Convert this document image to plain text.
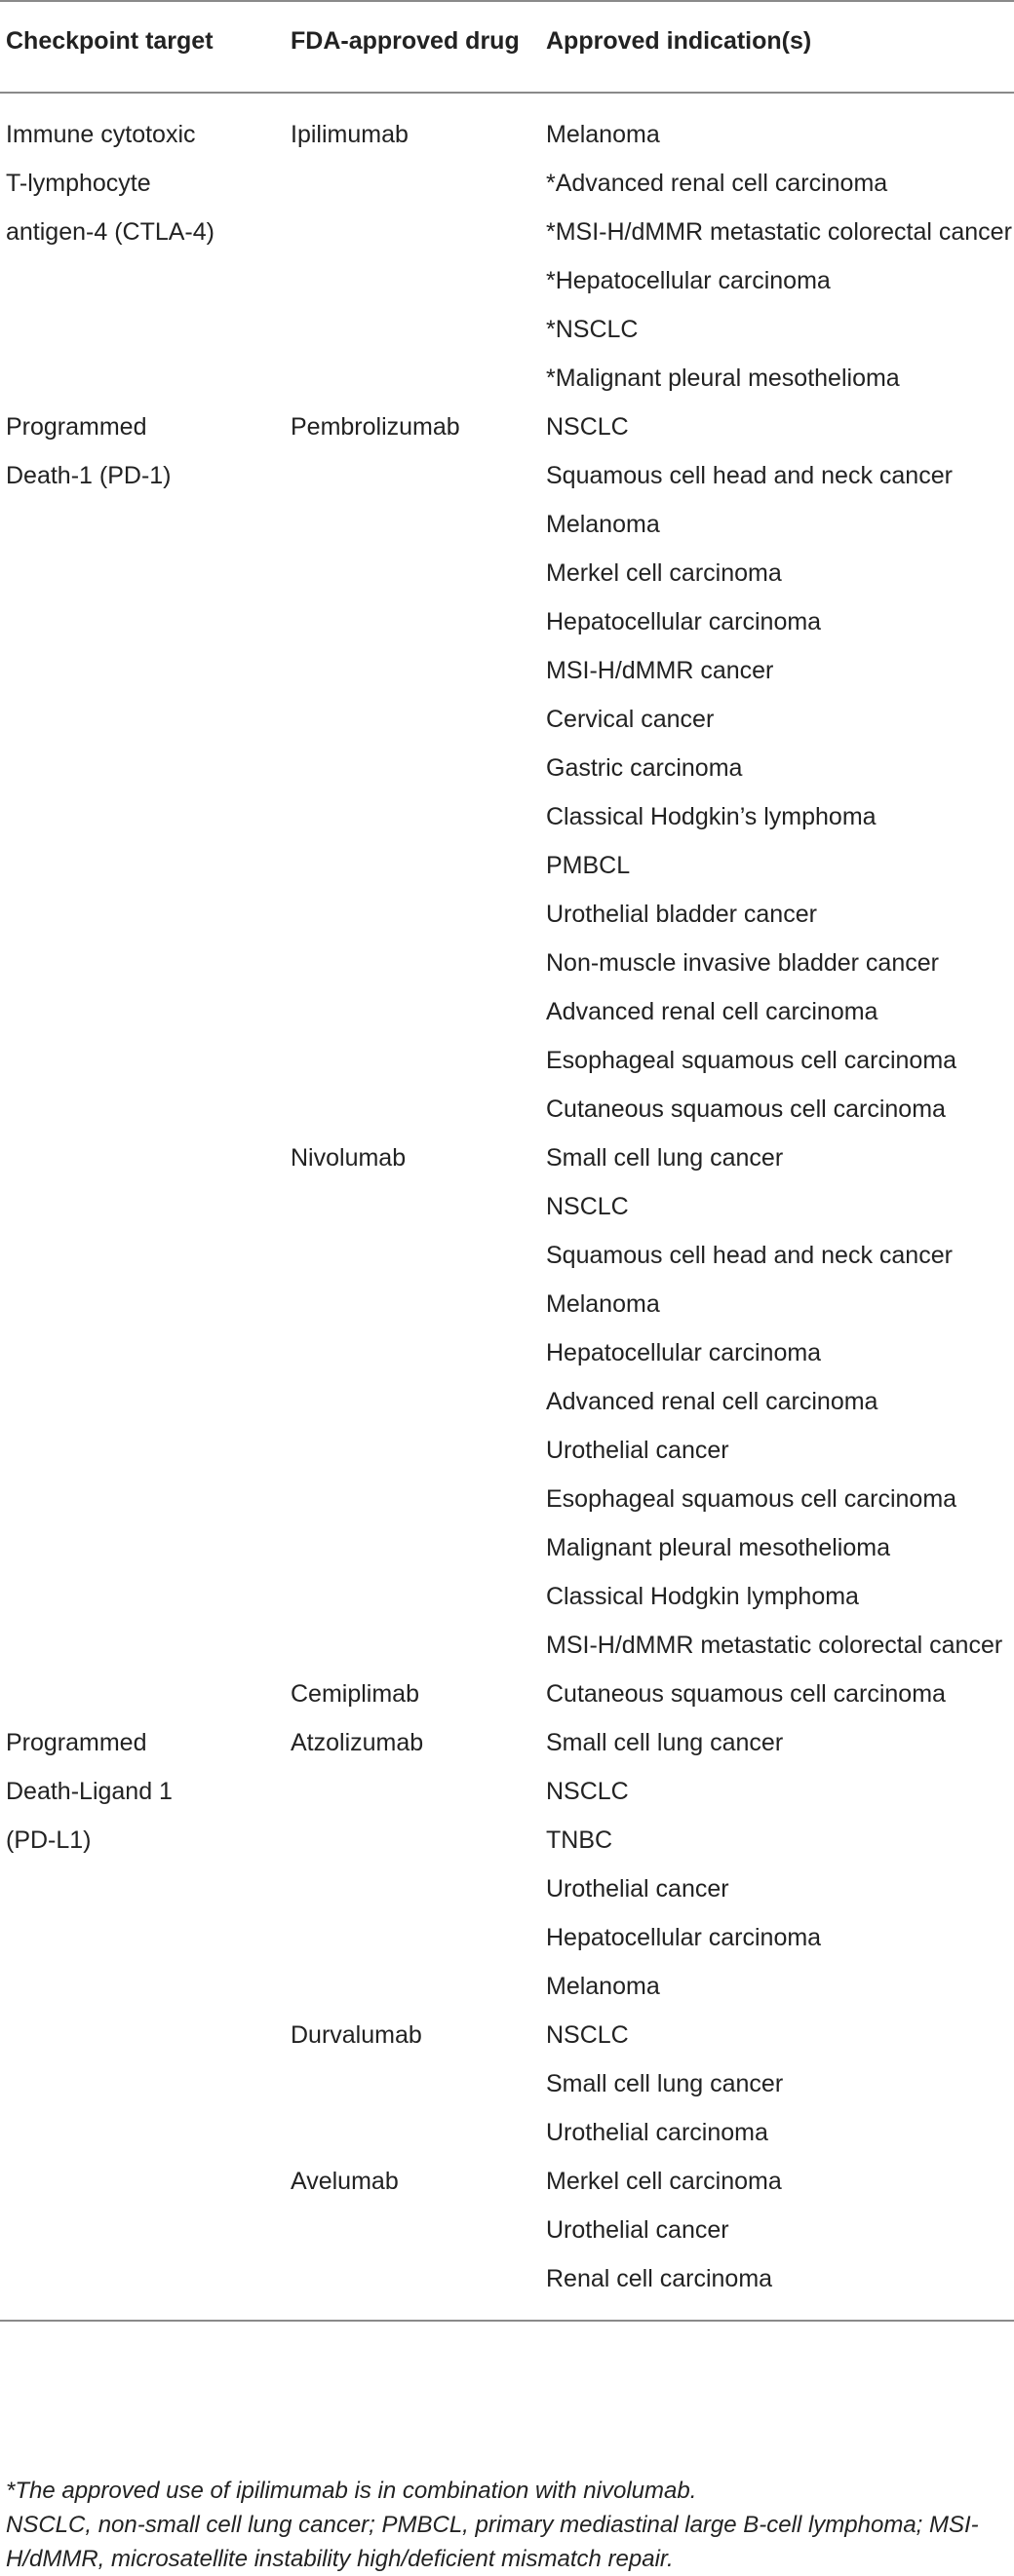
Checkpoint target	FDA-approved drug	Approved indication(s)
Immune cytotoxic	Ipilimumab	Melanoma
T-lymphocyte		*Advanced renal cell carcinoma
antigen-4 (CTLA-4)		*MSI-H/dMMR metastatic colorectal cancer
		*Hepatocellular carcinoma
		*NSCLC
		*Malignant pleural mesothelioma
Programmed	Pembrolizumab	NSCLC
Death-1 (PD-1)		Squamous cell head and neck cancer
		Melanoma
		Merkel cell carcinoma
		Hepatocellular carcinoma
		MSI-H/dMMR cancer
		Cervical cancer
		Gastric carcinoma
		Classical Hodgkin’s lymphoma
		PMBCL
		Urothelial bladder cancer
		Non-muscle invasive bladder cancer
		Advanced renal cell carcinoma
		Esophageal squamous cell carcinoma
		Cutaneous squamous cell carcinoma
	Nivolumab	Small cell lung cancer
		NSCLC
		Squamous cell head and neck cancer
		Melanoma
		Hepatocellular carcinoma
		Advanced renal cell carcinoma
		Urothelial cancer
		Esophageal squamous cell carcinoma
		Malignant pleural mesothelioma
		Classical Hodgkin lymphoma
		MSI-H/dMMR metastatic colorectal cancer
	Cemiplimab	Cutaneous squamous cell carcinoma
Programmed	Atzolizumab	Small cell lung cancer
Death-Ligand 1		NSCLC
(PD-L1)		TNBC
		Urothelial cancer
		Hepatocellular carcinoma
		Melanoma
	Durvalumab	NSCLC
		Small cell lung cancer
		Urothelial carcinoma
	Avelumab	Merkel cell carcinoma
		Urothelial cancer
		Renal cell carcinoma

*The approved use of ipilimumab is in combination with nivolumab.

NSCLC, non-small cell lung cancer; PMBCL, primary mediastinal large B-cell lymphoma; MSI-H/dMMR, microsatellite instability high/deficient mismatch repair.
